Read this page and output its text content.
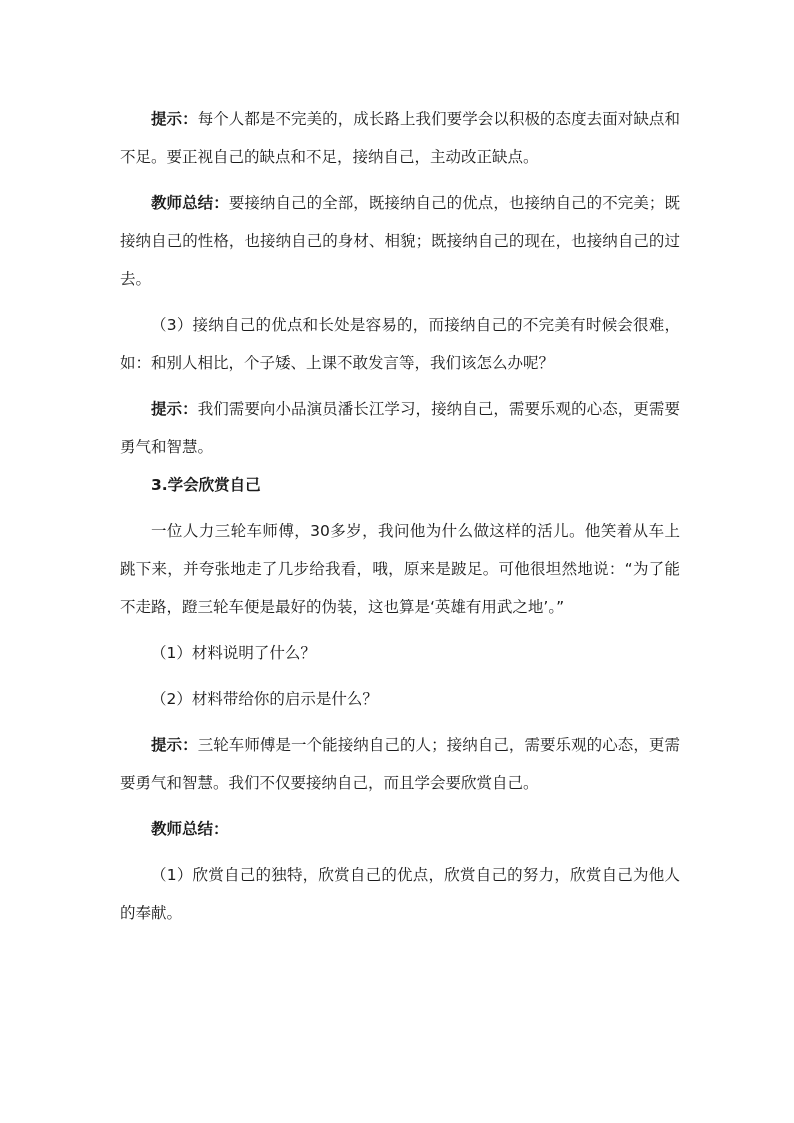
提示：每个人都是不完美的，成长路上我们要学会以积极的态度去面对缺点和不足。要正视自己的缺点和不足，接纳自己，主动改正缺点。

教师总结：要接纳自己的全部，既接纳自己的优点，也接纳自己的不完美；既接纳自己的性格，也接纳自己的身材、相貌；既接纳自己的现在，也接纳自己的过去。

（3）接纳自己的优点和长处是容易的，而接纳自己的不完美有时候会很难，如：和别人相比，个子矮、上课不敢发言等，我们该怎么办呢？

提示：我们需要向小品演员潘长江学习，接纳自己，需要乐观的心态，更需要勇气和智慧。

3.学会欣赏自己

一位人力三轮车师傅，30多岁，我问他为什么做这样的活儿。他笑着从车上跳下来，并夸张地走了几步给我看，哦，原来是跛足。可他很坦然地说：“为了能不走路，蹬三轮车便是最好的伪装，这也算是‘英雄有用武之地’。”

（1）材料说明了什么？

（2）材料带给你的启示是什么？

提示：三轮车师傅是一个能接纳自己的人；接纳自己，需要乐观的心态，更需要勇气和智慧。我们不仅要接纳自己，而且学会要欣赏自己。

教师总结：

（1）欣赏自己的独特，欣赏自己的优点，欣赏自己的努力，欣赏自己为他人的奉献。
